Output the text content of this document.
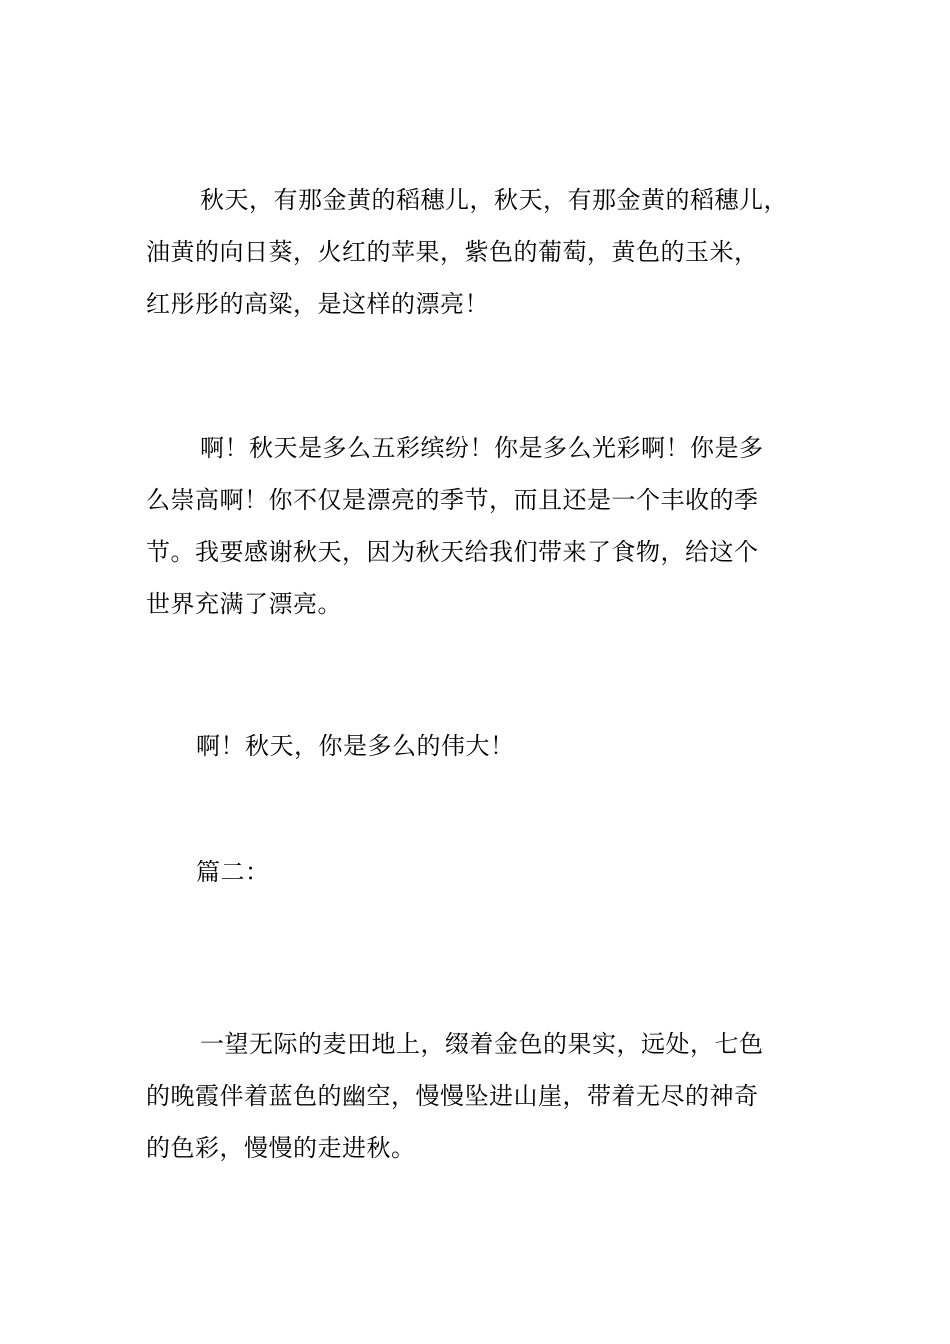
秋天，有那金黄的稻穗儿，秋天，有那金黄的稻穗儿，
油黄的向日葵，火红的苹果，紫色的葡萄，黄色的玉米，
红彤彤的高粱，是这样的漂亮！

啊！秋天是多么五彩缤纷！你是多么光彩啊！你是多
么崇高啊！你不仅是漂亮的季节，而且还是一个丰收的季
节。我要感谢秋天，因为秋天给我们带来了食物，给这个
世界充满了漂亮。

啊！秋天，你是多么的伟大！

篇二：

一望无际的麦田地上，缀着金色的果实，远处，七色
的晚霞伴着蓝色的幽空，慢慢坠进山崖，带着无尽的神奇
的色彩，慢慢的走进秋。
